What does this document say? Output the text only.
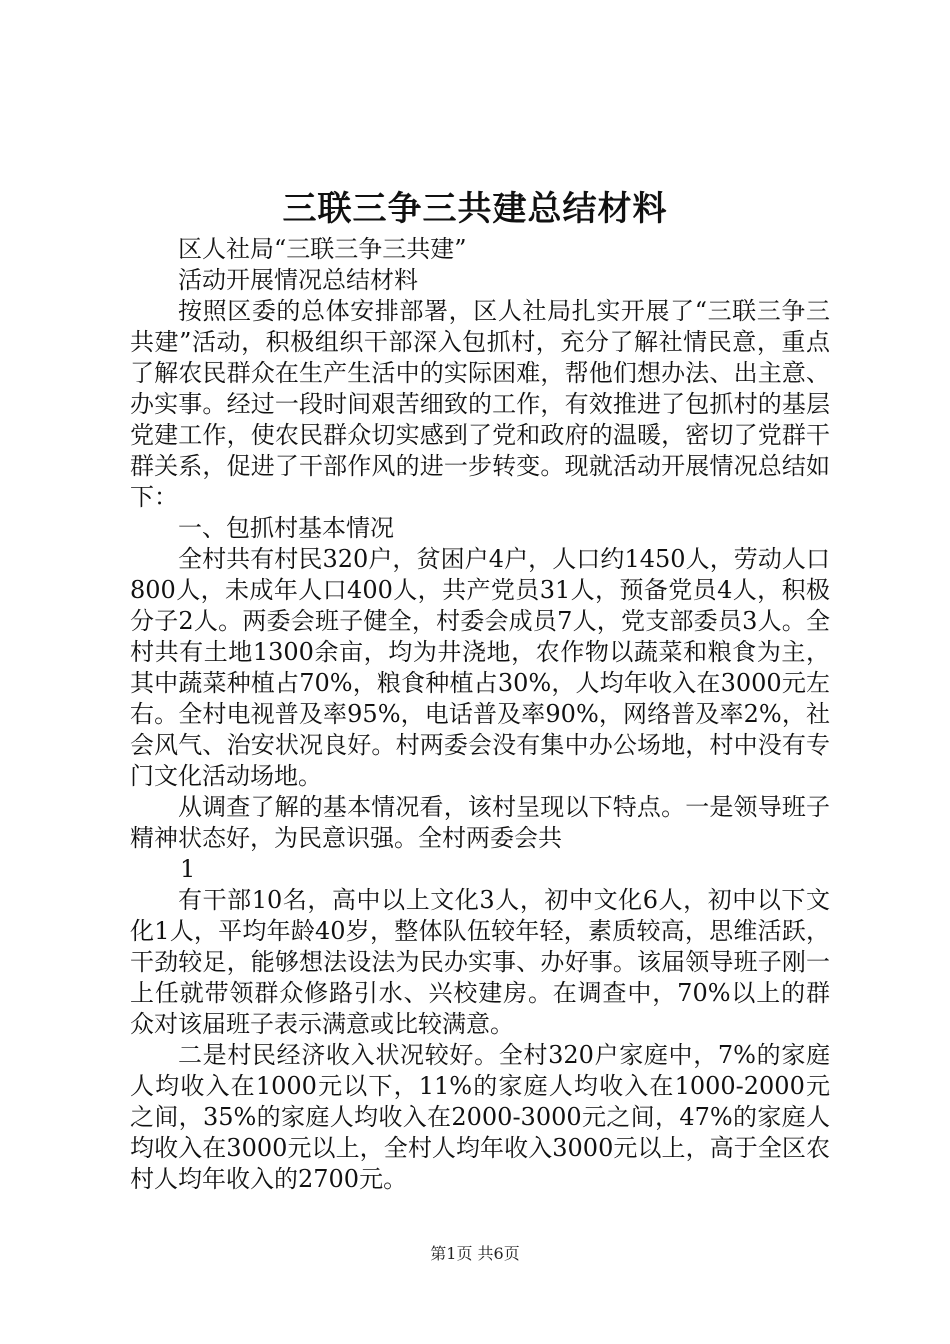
三联三争三共建总结材料

区人社局“三联三争三共建”

活动开展情况总结材料

按照区委的总体安排部署，区人社局扎实开展了“三联三争三共建”活动，积极组织干部深入包抓村，充分了解社情民意，重点了解农民群众在生产生活中的实际困难，帮他们想办法、出主意、办实事。经过一段时间艰苦细致的工作，有效推进了包抓村的基层党建工作，使农民群众切实感到了党和政府的温暖，密切了党群干群关系，促进了干部作风的进一步转变。现就活动开展情况总结如下：

一、包抓村基本情况

全村共有村民320户，贫困户4户，人口约1450人，劳动人口800人，未成年人口400人，共产党员31人，预备党员4人，积极分子2人。两委会班子健全，村委会成员7人，党支部委员3人。全村共有土地1300余亩，均为井浇地，农作物以蔬菜和粮食为主，其中蔬菜种植占70%，粮食种植占30%，人均年收入在3000元左右。全村电视普及率95%，电话普及率90%，网络普及率2%，社会风气、治安状况良好。村两委会没有集中办公场地，村中没有专门文化活动场地。

从调查了解的基本情况看，该村呈现以下特点。一是领导班子精神状态好，为民意识强。全村两委会共

1

有干部10名，高中以上文化3人，初中文化6人，初中以下文化1人，平均年龄40岁，整体队伍较年轻，素质较高，思维活跃，干劲较足，能够想法设法为民办实事、办好事。该届领导班子刚一上任就带领群众修路引水、兴校建房。在调查中，70%以上的群众对该届班子表示满意或比较满意。

二是村民经济收入状况较好。全村320户家庭中，7%的家庭人均收入在1000元以下，11%的家庭人均收入在1000-2000元之间，35%的家庭人均收入在2000-3000元之间，47%的家庭人均收入在3000元以上，全村人均年收入3000元以上，高于全区农村人均年收入的2700元。

第1页 共6页
